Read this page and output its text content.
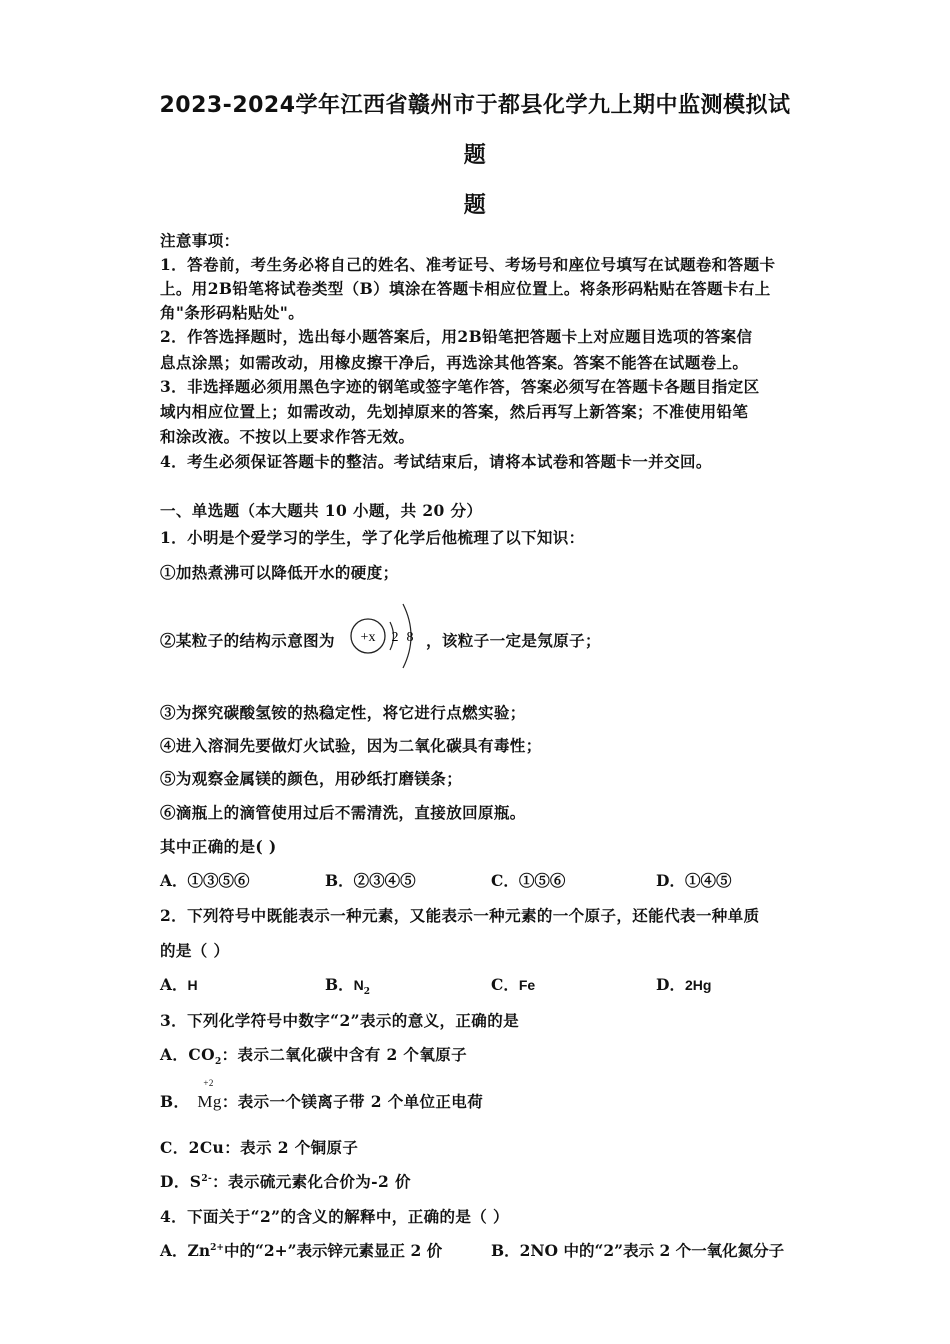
2023-2024学年江西省赣州市于都县化学九上期中监测模拟试
题
题
注意事项：
1．答卷前，考生务必将自己的姓名、准考证号、考场号和座位号填写在试题卷和答题卡
上。用2B铅笔将试卷类型（B）填涂在答题卡相应位置上。将条形码粘贴在答题卡右上
角"条形码粘贴处"。
2．作答选择题时，选出每小题答案后，用2B铅笔把答题卡上对应题目选项的答案信
息点涂黑；如需改动，用橡皮擦干净后，再选涂其他答案。答案不能答在试题卷上。
3．非选择题必须用黑色字迹的钢笔或签字笔作答，答案必须写在答题卡各题目指定区
域内相应位置上；如需改动，先划掉原来的答案，然后再写上新答案；不准使用铅笔
和涂改液。不按以上要求作答无效。
4．考生必须保证答题卡的整洁。考试结束后，请将本试卷和答题卡一并交回。
一、单选题（本大题共 10 小题，共 20 分）
1．小明是个爱学习的学生，学了化学后他梳理了以下知识：
①加热煮沸可以降低开水的硬度；
②某粒子的结构示意图为 +x 2 8 ，该粒子一定是氖原子；
③为探究碳酸氢铵的热稳定性，将它进行点燃实验；
④进入溶洞先要做灯火试验，因为二氧化碳具有毒性；
⑤为观察金属镁的颜色，用砂纸打磨镁条；
⑥滴瓶上的滴管使用过后不需清洗，直接放回原瓶。
其中正确的是( )
A．①③⑤⑥	B．②③④⑤	C．①⑤⑥	D．①④⑤
2．下列符号中既能表示一种元素，又能表示一种元素的一个原子，还能代表一种单质
的是（ ）
A．H	B．$N_2$	C．Fe	D．2Hg
3．下列化学符号中数字“2”表示的意义，正确的是
A．$CO_2$：表示二氧化碳中含有 2 个氧原子
B．
+2
Mg：表示一个镁离子带 2 个单位正电荷
C．2Cu：表示 2 个铜原子
D．$S^{2-}$：表示硫元素化合价为-2 价
4．下面关于“2”的含义的解释中，正确的是（ ）
A．$Zn^{2+}$中的“2+”表示锌元素显正 2 价	B．2NO 中的“2”表示 2 个一氧化氮分子
